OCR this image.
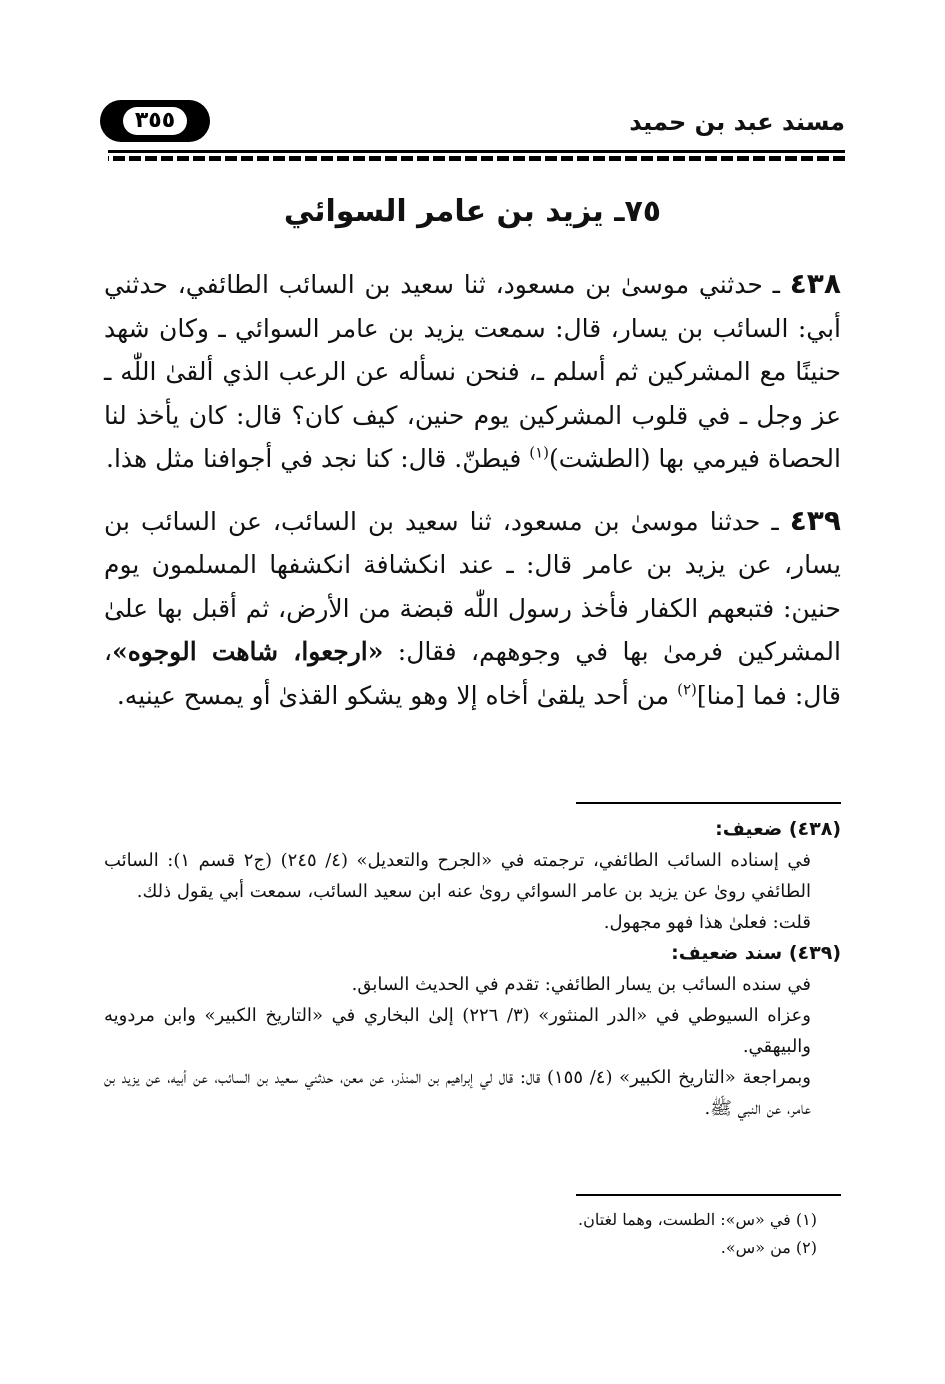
مسند عبد بن حميد
٣٥٥
٧٥ـ يزيد بن عامر السوائي

٤٣٨ ـ حدثني موسىٰ بن مسعود، ثنا سعيد بن السائب الطائفي، حدثني أبي: السائب بن يسار، قال: سمعت يزيد بن عامر السوائي ـ وكان شهد حنينًا مع المشركين ثم أسلم ـ، فنحن نسأله عن الرعب الذي ألقىٰ اللّٰه ـ عز وجل ـ في قلوب المشركين يوم حنين، كيف كان؟ قال: كان يأخذ لنا الحصاة فيرمي بها (الطشت)$^{(١)}$ فيطنّ. قال: كنا نجد في أجوافنا مثل هذا.

٤٣٩ ـ حدثنا موسىٰ بن مسعود، ثنا سعيد بن السائب، عن السائب بن يسار، عن يزيد بن عامر قال: ـ عند انكشافة انكشفها المسلمون يوم حنين: فتبعهم الكفار فأخذ رسول اللّٰه قبضة من الأرض، ثم أقبل بها علىٰ المشركين فرمىٰ بها في وجوههم، فقال: «ارجعوا، شاهت الوجوه»، قال: فما [منا]$^{(٢)}$ من أحد يلقىٰ أخاه إلا وهو يشكو القذىٰ أو يمسح عينيه.

(٤٣٨) ضعيف:

في إسناده السائب الطائفي، ترجمته في «الجرح والتعديل» (٤/ ٢٤٥) (ج٢ قسم ١): السائب الطائفي روىٰ عن يزيد بن عامر السوائي روىٰ عنه ابن سعيد السائب، سمعت أبي يقول ذلك.

قلت: فعلىٰ هذا فهو مجهول.

(٤٣٩) سند ضعيف:

في سنده السائب بن يسار الطائفي: تقدم في الحديث السابق.

وعزاه السيوطي في «الدر المنثور» (٣/ ٢٢٦) إلىٰ البخاري في «التاريخ الكبير» وابن مردويه والبيهقي.

وبمراجعة «التاريخ الكبير» (٤/ ١٥٥) قال: قال لي إبراهيم بن المنذر، عن معن، حدثني سعيد بن السائب، عن أبيه، عن يزيد بن عامر، عن النبي ﷺ.

(١) في «س»: الطست، وهما لغتان.

(٢) من «س».
